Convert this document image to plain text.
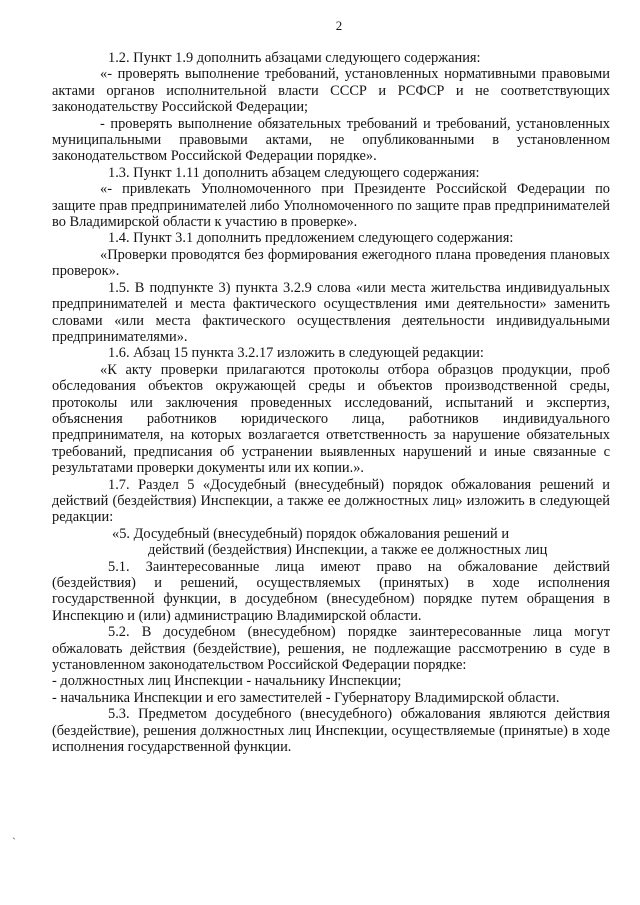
2

1.2. Пункт 1.9 дополнить абзацами следующего содержания:

«- проверять выполнение требований, установленных нормативными правовыми актами органов исполнительной власти СССР и РСФСР и не соответствующих законодательству Российской Федерации;

- проверять выполнение обязательных требований и требований, установленных муниципальными правовыми актами, не опубликованными в установленном законодательством Российской Федерации порядке».

1.3. Пункт 1.11 дополнить абзацем следующего содержания:

«- привлекать Уполномоченного при Президенте Российской Федерации по защите прав предпринимателей либо Уполномоченного по защите прав предпринимателей во Владимирской области к участию в проверке».

1.4. Пункт 3.1 дополнить предложением следующего содержания:

«Проверки проводятся без формирования ежегодного плана проведения плановых проверок».

1.5. В подпункте 3) пункта 3.2.9 слова «или места жительства индивидуальных предпринимателей и места фактического осуществления ими деятельности» заменить словами «или места фактического осуществления деятельности индивидуальными предпринимателями».

1.6. Абзац 15 пункта 3.2.17 изложить в следующей редакции:

«К акту проверки прилагаются протоколы отбора образцов продукции, проб обследования объектов окружающей среды и объектов производственной среды, протоколы или заключения проведенных исследований, испытаний и экспертиз, объяснения работников юридического лица, работников индивидуального предпринимателя, на которых возлагается ответственность за нарушение обязательных требований, предписания об устранении выявленных нарушений и иные связанные с результатами проверки документы или их копии.».

1.7. Раздел 5 «Досудебный (внесудебный) порядок обжалования решений и действий (бездействия) Инспекции, а также ее должностных лиц» изложить в следующей редакции:

«5. Досудебный (внесудебный) порядок обжалования решений и
действий (бездействия) Инспекции, а также ее должностных лиц

5.1. Заинтересованные лица имеют право на обжалование действий (бездействия) и решений, осуществляемых (принятых) в ходе исполнения государственной функции, в досудебном (внесудебном) порядке путем обращения в Инспекцию и (или) администрацию Владимирской области.

5.2. В досудебном (внесудебном) порядке заинтересованные лица могут обжаловать действия (бездействие), решения, не подлежащие рассмотрению в суде в установленном законодательством Российской Федерации порядке:

- должностных лиц Инспекции - начальнику Инспекции;

- начальника Инспекции и его заместителей - Губернатору Владимирской области.

5.3. Предметом досудебного (внесудебного) обжалования являются действия (бездействие), решения должностных лиц Инспекции, осуществляемые (принятые) в ходе исполнения государственной функции.

`
